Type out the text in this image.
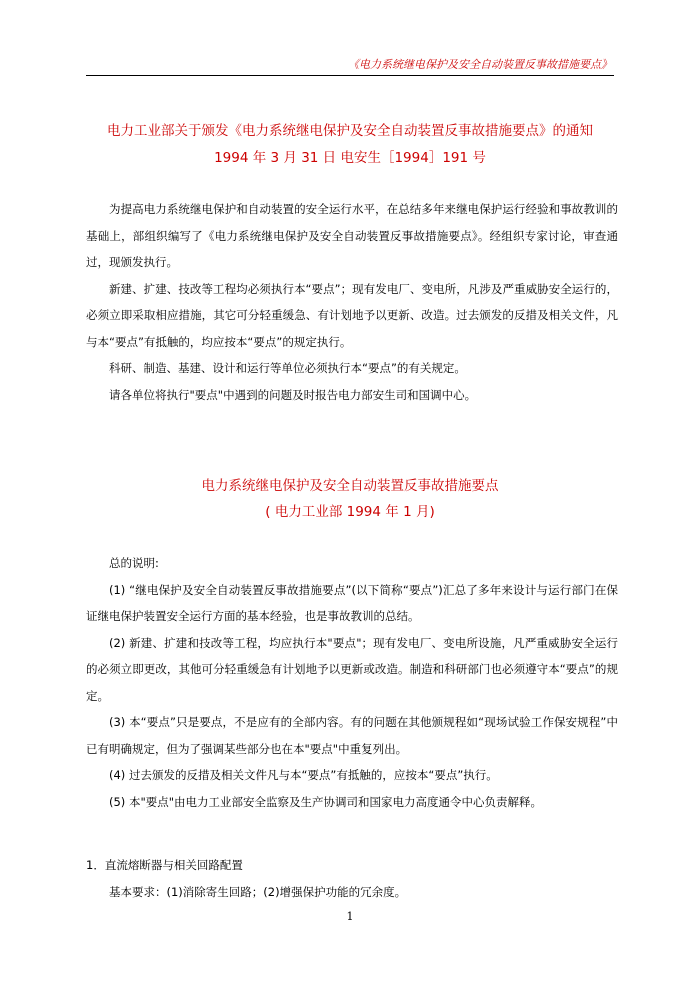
《电力系统继电保护及安全自动装置反事故措施要点》
电力工业部关于颁发《电力系统继电保护及安全自动装置反事故措施要点》的通知
1994 年 3 月 31 日 电安生［1994］191 号

为提高电力系统继电保护和自动装置的安全运行水平，在总结多年来继电保护运行经验和事故教训的基础上，部组织编写了《电力系统继电保护及安全自动装置反事故措施要点》。经组织专家讨论，审查通过，现颁发执行。

新建、扩建、技改等工程均必须执行本“要点”；现有发电厂、变电所，凡涉及严重威胁安全运行的，必须立即采取相应措施，其它可分轻重缓急、有计划地予以更新、改造。过去颁发的反措及相关文件，凡与本“要点”有抵触的，均应按本“要点”的规定执行。

科研、制造、基建、设计和运行等单位必须执行本“要点”的有关规定。

请各单位将执行"要点"中遇到的问题及时报告电力部安生司和国调中心。

电力系统继电保护及安全自动装置反事故措施要点
( 电力工业部 1994 年 1 月)

总的说明:

(1) “继电保护及安全自动装置反事故措施要点”(以下简称“要点”)汇总了多年来设计与运行部门在保证继电保护装置安全运行方面的基本经验，也是事故教训的总结。

(2) 新建、扩建和技改等工程，均应执行本"要点"；现有发电厂、变电所设施，凡严重威胁安全运行的必须立即更改，其他可分轻重缓急有计划地予以更新或改造。制造和科研部门也必须遵守本“要点”的规定。

(3) 本“要点”只是要点，不是应有的全部内容。有的问题在其他颁规程如“现场试验工作保安规程”中已有明确规定，但为了强调某些部分也在本"要点"中重复列出。

(4) 过去颁发的反措及相关文件凡与本“要点”有抵触的，应按本“要点”执行。

(5) 本"要点"由电力工业部安全监察及生产协调司和国家电力高度通令中心负责解释。

1．直流熔断器与相关回路配置
基本要求：(1)消除寄生回路；(2)增强保护功能的冗余度。
1
